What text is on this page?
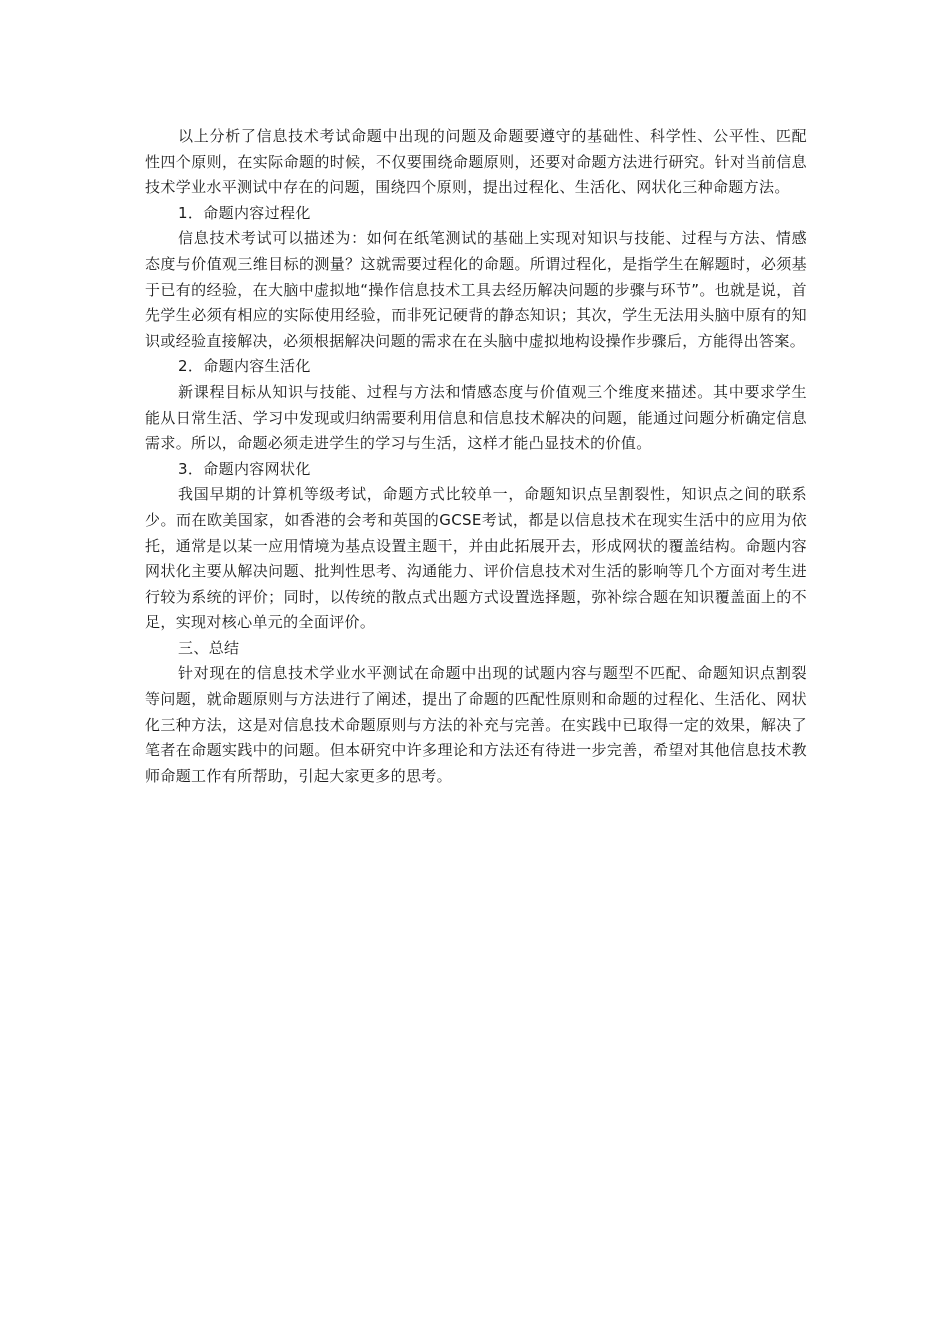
以上分析了信息技术考试命题中出现的问题及命题要遵守的基础性、科学性、公平性、匹配性四个原则，在实际命题的时候，不仅要围绕命题原则，还要对命题方法进行研究。针对当前信息技术学业水平测试中存在的问题，围绕四个原则，提出过程化、生活化、网状化三种命题方法。

1．命题内容过程化

信息技术考试可以描述为：如何在纸笔测试的基础上实现对知识与技能、过程与方法、情感态度与价值观三维目标的测量？这就需要过程化的命题。所谓过程化，是指学生在解题时，必须基于已有的经验，在大脑中虚拟地“操作信息技术工具去经历解决问题的步骤与环节”。也就是说，首先学生必须有相应的实际使用经验，而非死记硬背的静态知识；其次，学生无法用头脑中原有的知识或经验直接解决，必须根据解决问题的需求在在头脑中虚拟地构设操作步骤后，方能得出答案。

2．命题内容生活化

新课程目标从知识与技能、过程与方法和情感态度与价值观三个维度来描述。其中要求学生能从日常生活、学习中发现或归纳需要利用信息和信息技术解决的问题，能通过问题分析确定信息需求。所以，命题必须走进学生的学习与生活，这样才能凸显技术的价值。

3．命题内容网状化

我国早期的计算机等级考试，命题方式比较单一，命题知识点呈割裂性，知识点之间的联系少。而在欧美国家，如香港的会考和英国的GCSE考试，都是以信息技术在现实生活中的应用为依托，通常是以某一应用情境为基点设置主题干，并由此拓展开去，形成网状的覆盖结构。命题内容网状化主要从解决问题、批判性思考、沟通能力、评价信息技术对生活的影响等几个方面对考生进行较为系统的评价；同时，以传统的散点式出题方式设置选择题，弥补综合题在知识覆盖面上的不足，实现对核心单元的全面评价。

三、总结

针对现在的信息技术学业水平测试在命题中出现的试题内容与题型不匹配、命题知识点割裂等问题，就命题原则与方法进行了阐述，提出了命题的匹配性原则和命题的过程化、生活化、网状化三种方法，这是对信息技术命题原则与方法的补充与完善。在实践中已取得一定的效果，解决了笔者在命题实践中的问题。但本研究中许多理论和方法还有待进一步完善，希望对其他信息技术教师命题工作有所帮助，引起大家更多的思考。
